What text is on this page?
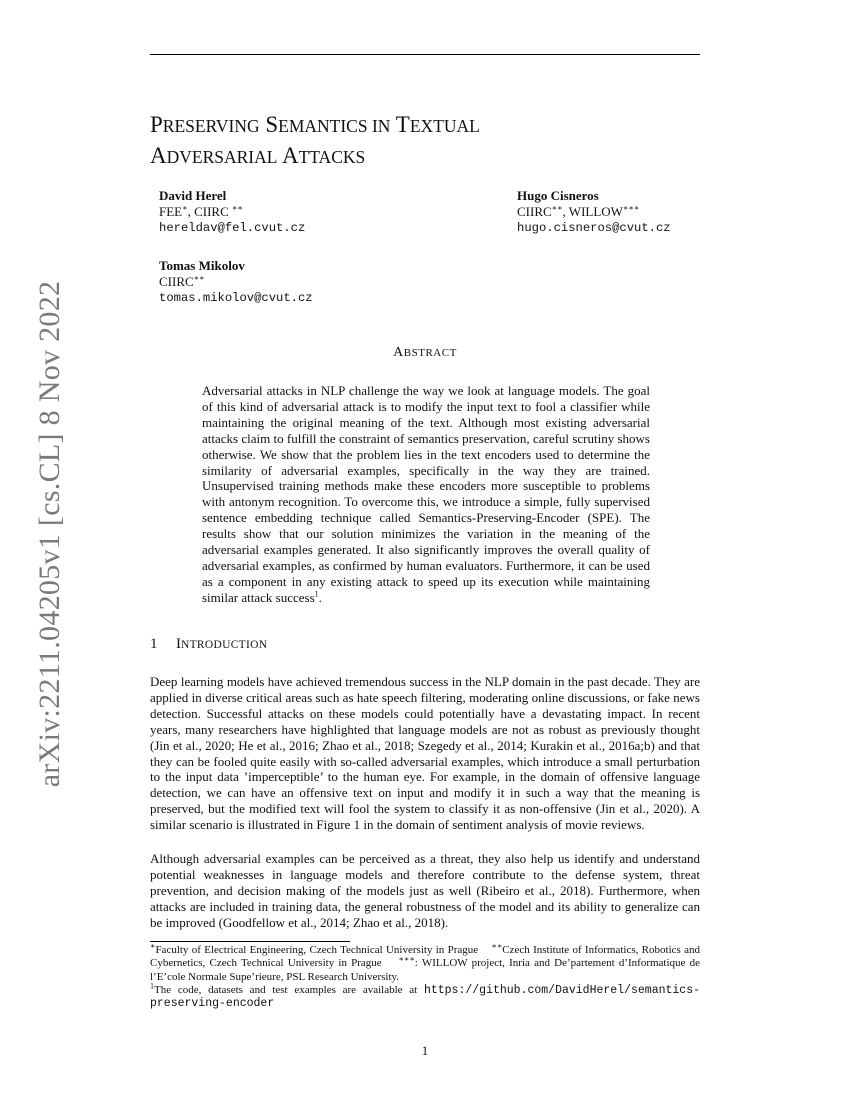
arXiv:2211.04205v1 [cs.CL] 8 Nov 2022
PRESERVING SEMANTICS IN TEXTUAL
ADVERSARIAL ATTACKS
David Herel
FEE∗, CIIRC ∗∗
hereldav@fel.cvut.cz
Hugo Cisneros
CIIRC∗∗, WILLOW∗∗∗
hugo.cisneros@cvut.cz
Tomas Mikolov
CIIRC∗∗
tomas.mikolov@cvut.cz
ABSTRACT

Adversarial attacks in NLP challenge the way we look at language models. The goal of this kind of adversarial attack is to modify the input text to fool a classifier while maintaining the original meaning of the text. Although most existing adversarial attacks claim to fulfill the constraint of semantics preservation, careful scrutiny shows otherwise. We show that the problem lies in the text encoders used to determine the similarity of adversarial examples, specifically in the way they are trained. Unsupervised training methods make these encoders more susceptible to problems with antonym recognition. To overcome this, we introduce a simple, fully supervised sentence embedding technique called Semantics-Preserving-Encoder (SPE). The results show that our solution minimizes the variation in the meaning of the adversarial examples generated. It also significantly improves the overall quality of adversarial examples, as confirmed by human evaluators. Furthermore, it can be used as a component in any existing attack to speed up its execution while maintaining similar attack success$^1$.

1 INTRODUCTION

Deep learning models have achieved tremendous success in the NLP domain in the past decade. They are applied in diverse critical areas such as hate speech filtering, moderating online discussions, or fake news detection. Successful attacks on these models could potentially have a devastating impact. In recent years, many researchers have highlighted that language models are not as robust as previously thought (Jin et al., 2020; He et al., 2016; Zhao et al., 2018; Szegedy et al., 2014; Kurakin et al., 2016a;b) and that they can be fooled quite easily with so-called adversarial examples, which introduce a small perturbation to the input data ’imperceptible’ to the human eye. For example, in the domain of offensive language detection, we can have an offensive text on input and modify it in such a way that the meaning is preserved, but the modified text will fool the system to classify it as non-offensive (Jin et al., 2020). A similar scenario is illustrated in Figure 1 in the domain of sentiment analysis of movie reviews.

Although adversarial examples can be perceived as a threat, they also help us identify and understand potential weaknesses in language models and therefore contribute to the defense system, threat prevention, and decision making of the models just as well (Ribeiro et al., 2018). Furthermore, when attacks are included in training data, the general robustness of the model and its ability to generalize can be improved (Goodfellow et al., 2014; Zhao et al., 2018).

∗Faculty of Electrical Engineering, Czech Technical University in Prague ∗∗Czech Institute of Informatics, Robotics and Cybernetics, Czech Technical University in Prague ∗∗∗: WILLOW project, Inria and De’partement d’Informatique de l’E’cole Normale Supe’rieure, PSL Research University.

$^1$The code, datasets and test examples are available at https://github.com/DavidHerel/semantics-preserving-encoder

1
